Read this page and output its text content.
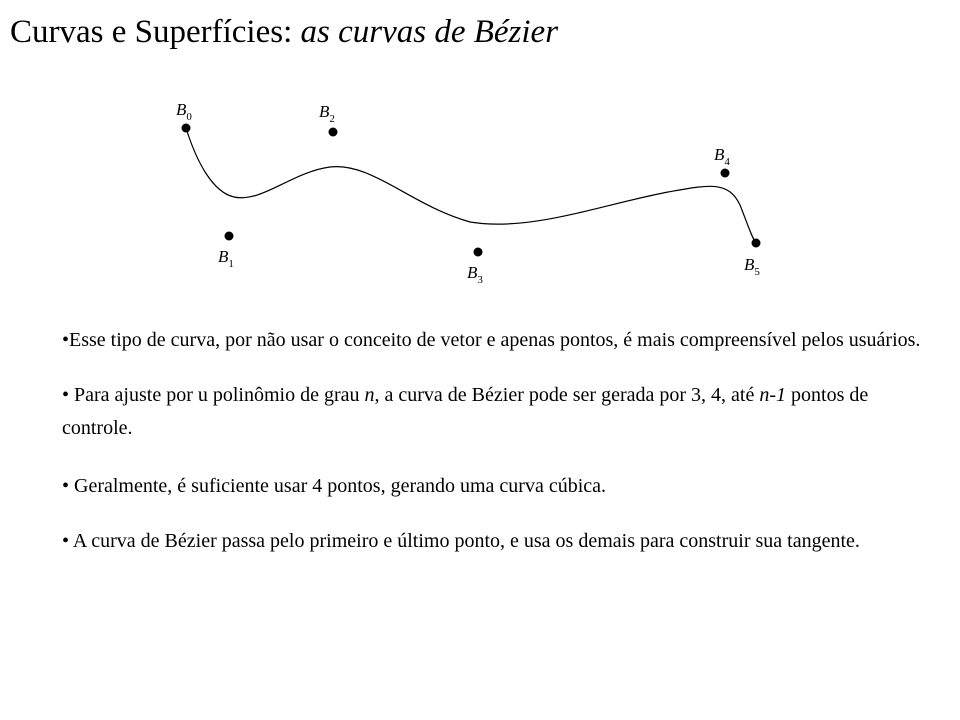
Curvas e Superfícies: as curvas de Bézier
$B_0$
$B_1$
$B_2$
$B_3$
$B_4$
$B_5$

•Esse tipo de curva, por não usar o conceito de vetor e apenas pontos, é mais compreensível pelos usuários.

• Para ajuste por u polinômio de grau n, a curva de Bézier pode ser gerada por 3, 4, até n-1 pontos de controle.

• Geralmente, é suficiente usar 4 pontos, gerando uma curva cúbica.

• A curva de Bézier passa pelo primeiro e último ponto, e usa os demais para construir sua tangente.
